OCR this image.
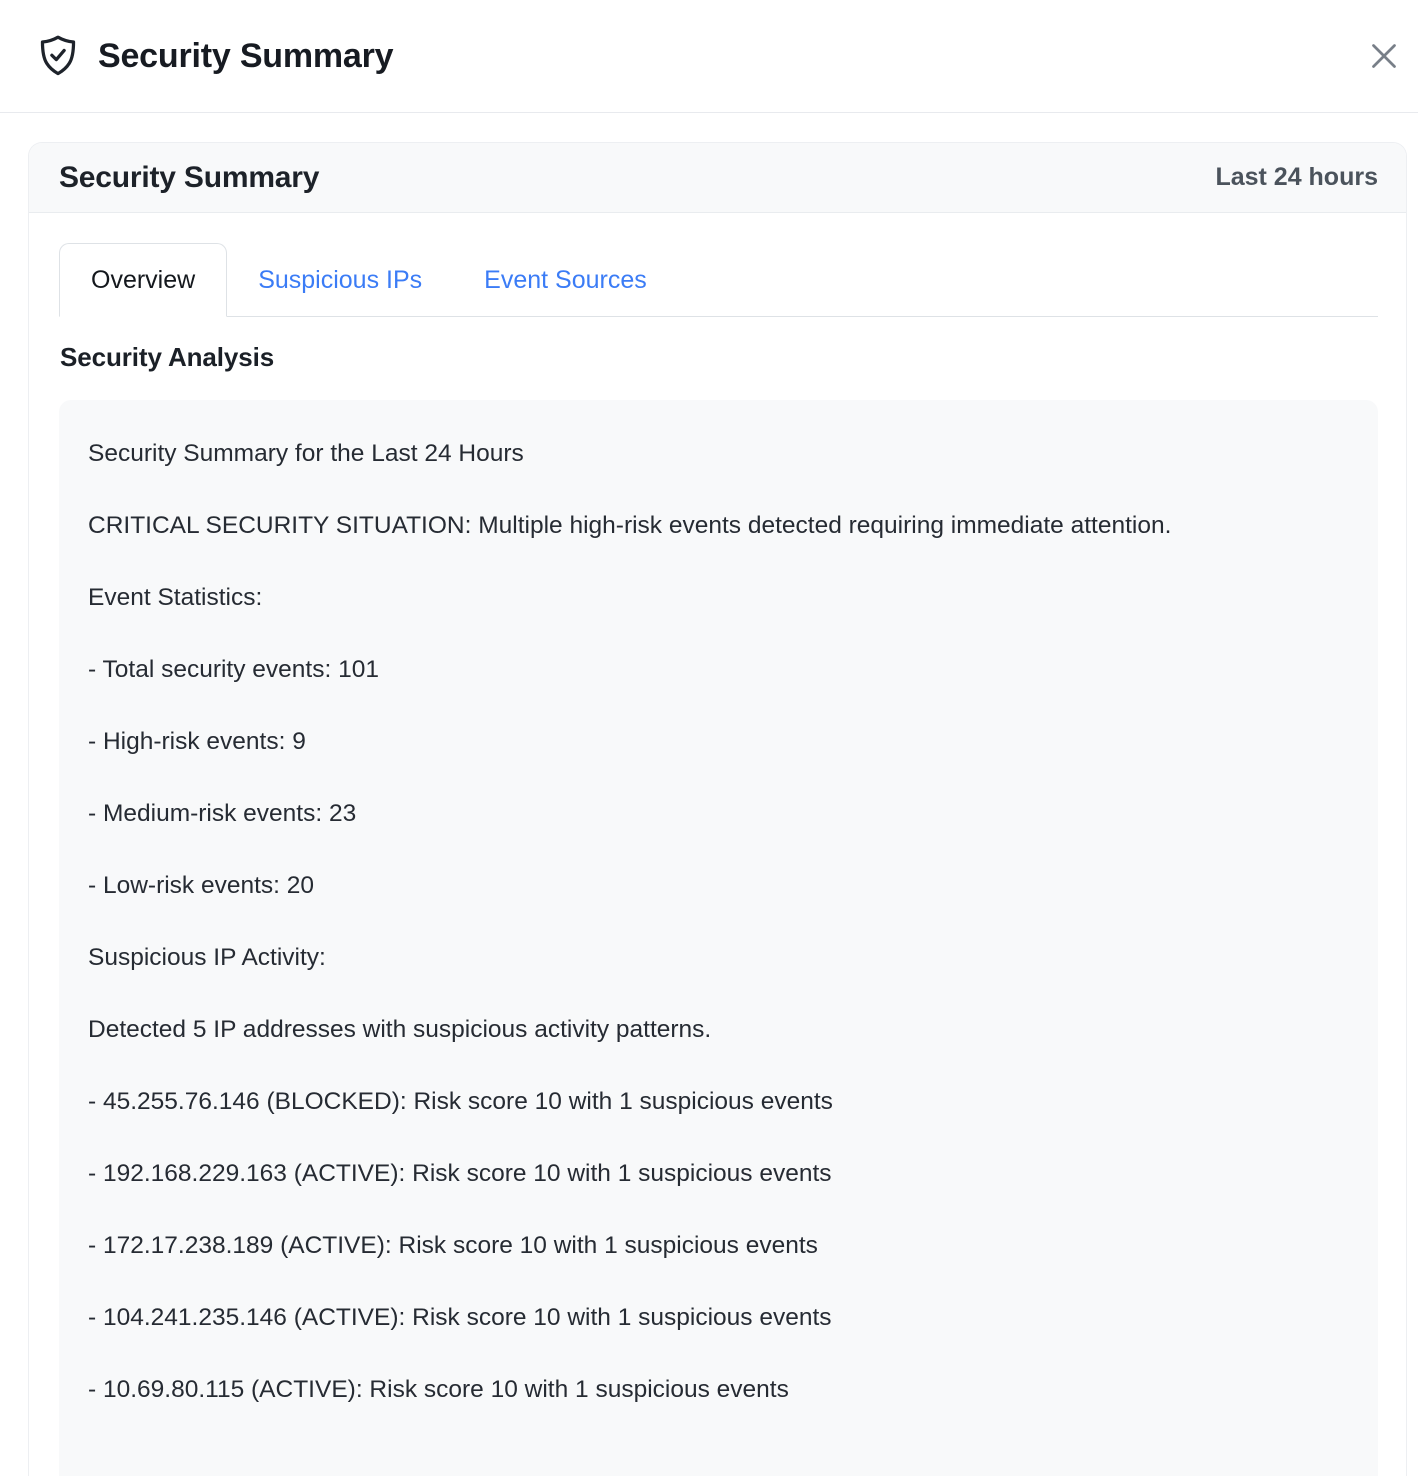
Security Summary
Security Summary	Last 24 hours
Overview	Suspicious IPs	Event Sources
Security Analysis

Security Summary for the Last 24 Hours

CRITICAL SECURITY SITUATION: Multiple high-risk events detected requiring immediate attention.

Event Statistics:

- Total security events: 101

- High-risk events: 9

- Medium-risk events: 23

- Low-risk events: 20

Suspicious IP Activity:

Detected 5 IP addresses with suspicious activity patterns.

- 45.255.76.146 (BLOCKED): Risk score 10 with 1 suspicious events

- 192.168.229.163 (ACTIVE): Risk score 10 with 1 suspicious events

- 172.17.238.189 (ACTIVE): Risk score 10 with 1 suspicious events

- 104.241.235.146 (ACTIVE): Risk score 10 with 1 suspicious events

- 10.69.80.115 (ACTIVE): Risk score 10 with 1 suspicious events
